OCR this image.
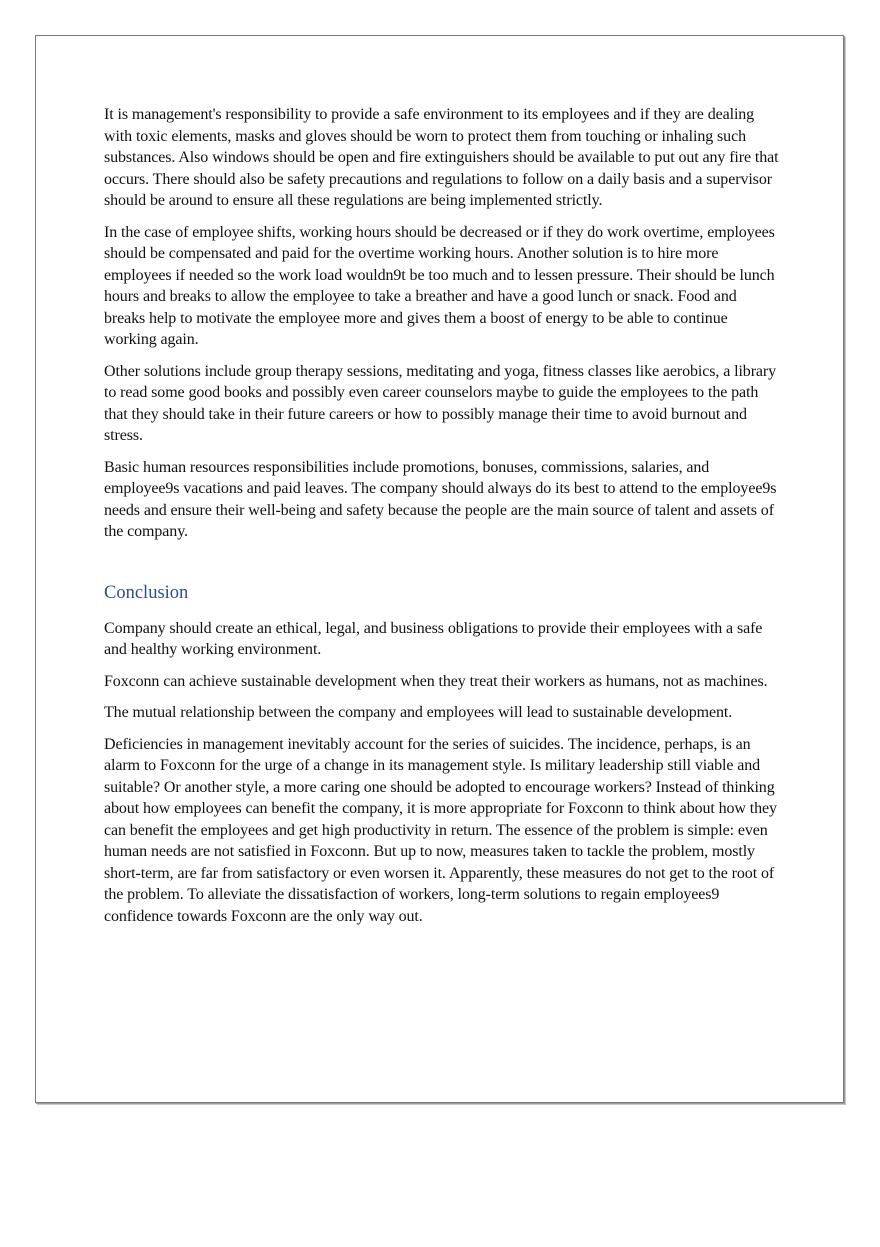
It is management's responsibility to provide a safe environment to its employees and if they are dealing with toxic elements, masks and gloves should be worn to protect them from touching or inhaling such substances. Also windows should be open and fire extinguishers should be available to put out any fire that occurs. There should also be safety precautions and regulations to follow on a daily basis and a supervisor should be around to ensure all these regulations are being implemented strictly.

In the case of employee shifts, working hours should be decreased or if they do work overtime, employees should be compensated and paid for the overtime working hours. Another solution is to hire more employees if needed so the work load wouldn9t be too much and to lessen pressure. Their should be lunch hours and breaks to allow the employee to take a breather and have a good lunch or snack. Food and breaks help to motivate the employee more and gives them a boost of energy to be able to continue working again.

Other solutions include group therapy sessions, meditating and yoga, fitness classes like aerobics, a library to read some good books and possibly even career counselors maybe to guide the employees to the path that they should take in their future careers or how to possibly manage their time to avoid burnout and stress.

Basic human resources responsibilities include promotions, bonuses, commissions, salaries, and employee9s vacations and paid leaves. The company should always do its best to attend to the employee9s needs and ensure their well-being and safety because the people are the main source of talent and assets of the company.

Conclusion

Company should create an ethical, legal, and business obligations to provide their employees with a safe and healthy working environment.

Foxconn can achieve sustainable development when they treat their workers as humans, not as machines.

The mutual relationship between the company and employees will lead to sustainable development.

Deficiencies in management inevitably account for the series of suicides. The incidence, perhaps, is an alarm to Foxconn for the urge of a change in its management style. Is military leadership still viable and suitable? Or another style, a more caring one should be adopted to encourage workers? Instead of thinking about how employees can benefit the company, it is more appropriate for Foxconn to think about how they can benefit the employees and get high productivity in return. The essence of the problem is simple: even human needs are not satisfied in Foxconn. But up to now, measures taken to tackle the problem, mostly short-term, are far from satisfactory or even worsen it. Apparently, these measures do not get to the root of the problem. To alleviate the dissatisfaction of workers, long-term solutions to regain employees9 confidence towards Foxconn are the only way out.
